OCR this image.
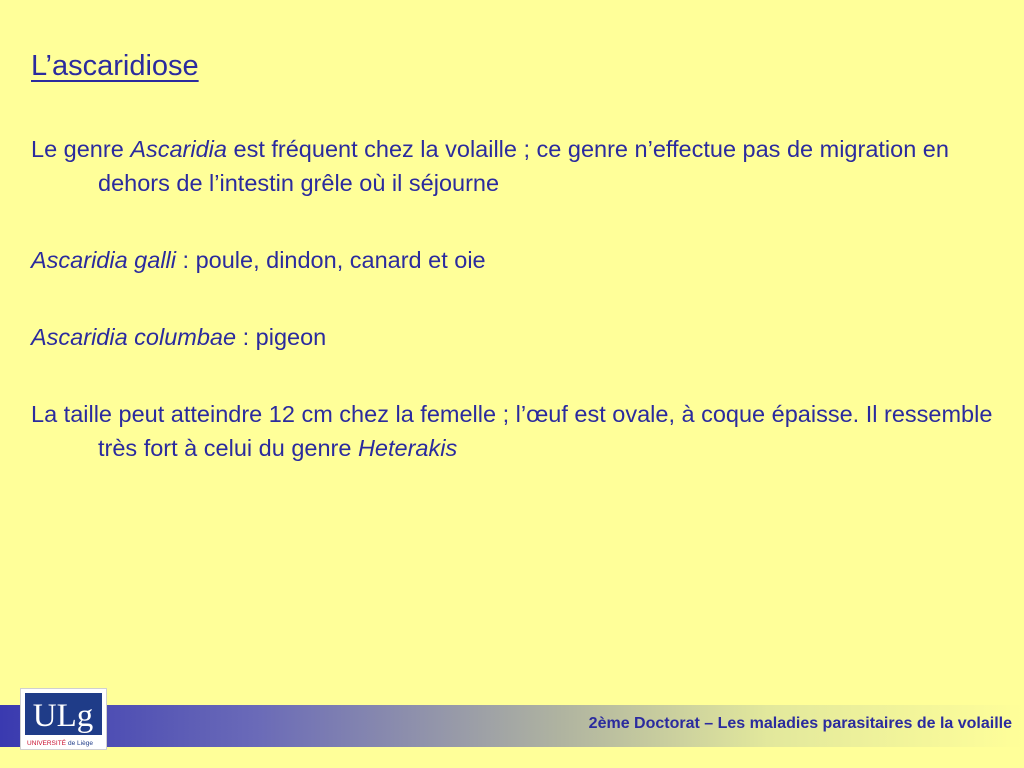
L’ascaridiose

Le genre Ascaridia est fréquent chez la volaille ; ce genre n’effectue pas de migration en dehors de l’intestin grêle où il séjourne

Ascaridia galli : poule, dindon, canard et oie

Ascaridia columbae : pigeon

La taille peut atteindre 12 cm chez la femelle ; l’œuf est ovale, à coque épaisse. Il ressemble très fort à celui du genre Heterakis

ULg
UNIVERSITÉ de Liège
2ème Doctorat – Les maladies parasitaires de la volaille
